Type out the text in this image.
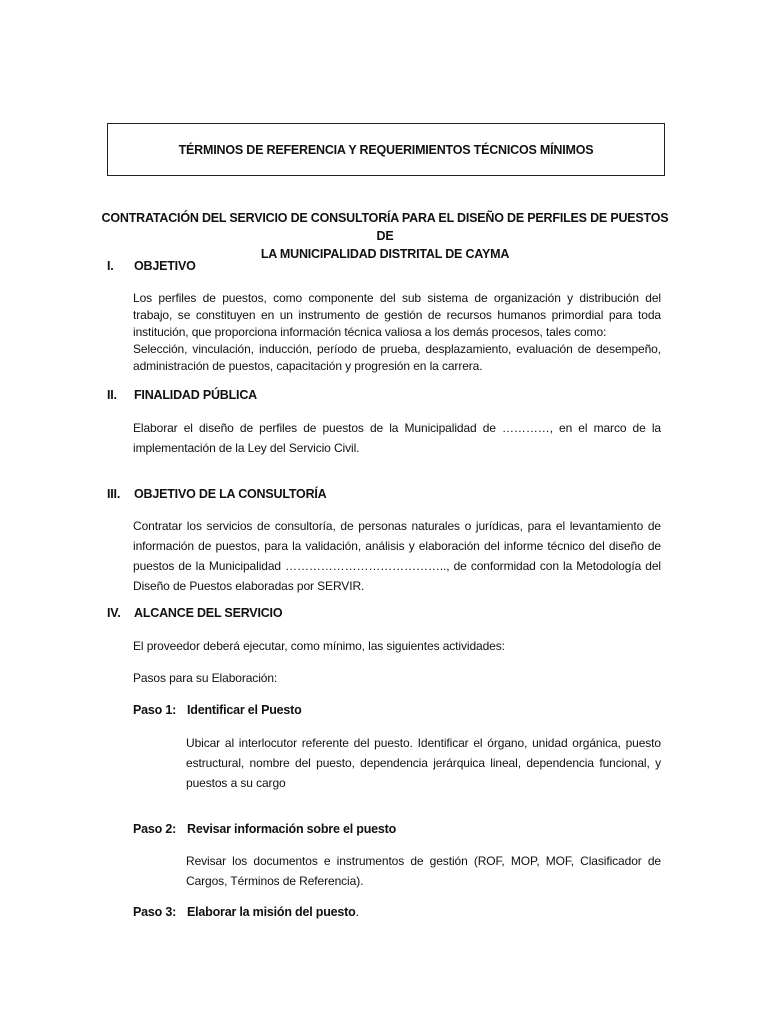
TÉRMINOS DE REFERENCIA Y REQUERIMIENTOS TÉCNICOS MÍNIMOS
CONTRATACIÓN DEL SERVICIO DE CONSULTORÍA PARA EL DISEÑO DE PERFILES DE PUESTOS DE
LA MUNICIPALIDAD DISTRITAL DE CAYMA
I. OBJETIVO
Los perfiles de puestos, como componente del sub sistema de organización y distribución del trabajo, se constituyen en un instrumento de gestión de recursos humanos primordial para toda institución, que proporciona información técnica valiosa a los demás procesos, tales como:
Selección, vinculación, inducción, período de prueba, desplazamiento, evaluación de desempeño, administración de puestos, capacitación y progresión en la carrera.
II. FINALIDAD PÚBLICA
Elaborar el diseño de perfiles de puestos de la Municipalidad de …………, en el marco de la implementación de la Ley del Servicio Civil.
III. OBJETIVO DE LA CONSULTORÍA
Contratar los servicios de consultoría, de personas naturales o jurídicas, para el levantamiento de información de puestos, para la validación, análisis y elaboración del informe técnico del diseño de puestos de la Municipalidad ………………………………….., de conformidad con la Metodología del Diseño de Puestos elaboradas por SERVIR.
IV. ALCANCE DEL SERVICIO
El proveedor deberá ejecutar, como mínimo, las siguientes actividades:
Pasos para su Elaboración:
Paso 1: Identificar el Puesto
Ubicar al interlocutor referente del puesto. Identificar el órgano, unidad orgánica, puesto estructural, nombre del puesto, dependencia jerárquica lineal, dependencia funcional, y puestos a su cargo
Paso 2: Revisar información sobre el puesto
Revisar los documentos e instrumentos de gestión (ROF, MOP, MOF, Clasificador de Cargos, Términos de Referencia).
Paso 3: Elaborar la misión del puesto.
